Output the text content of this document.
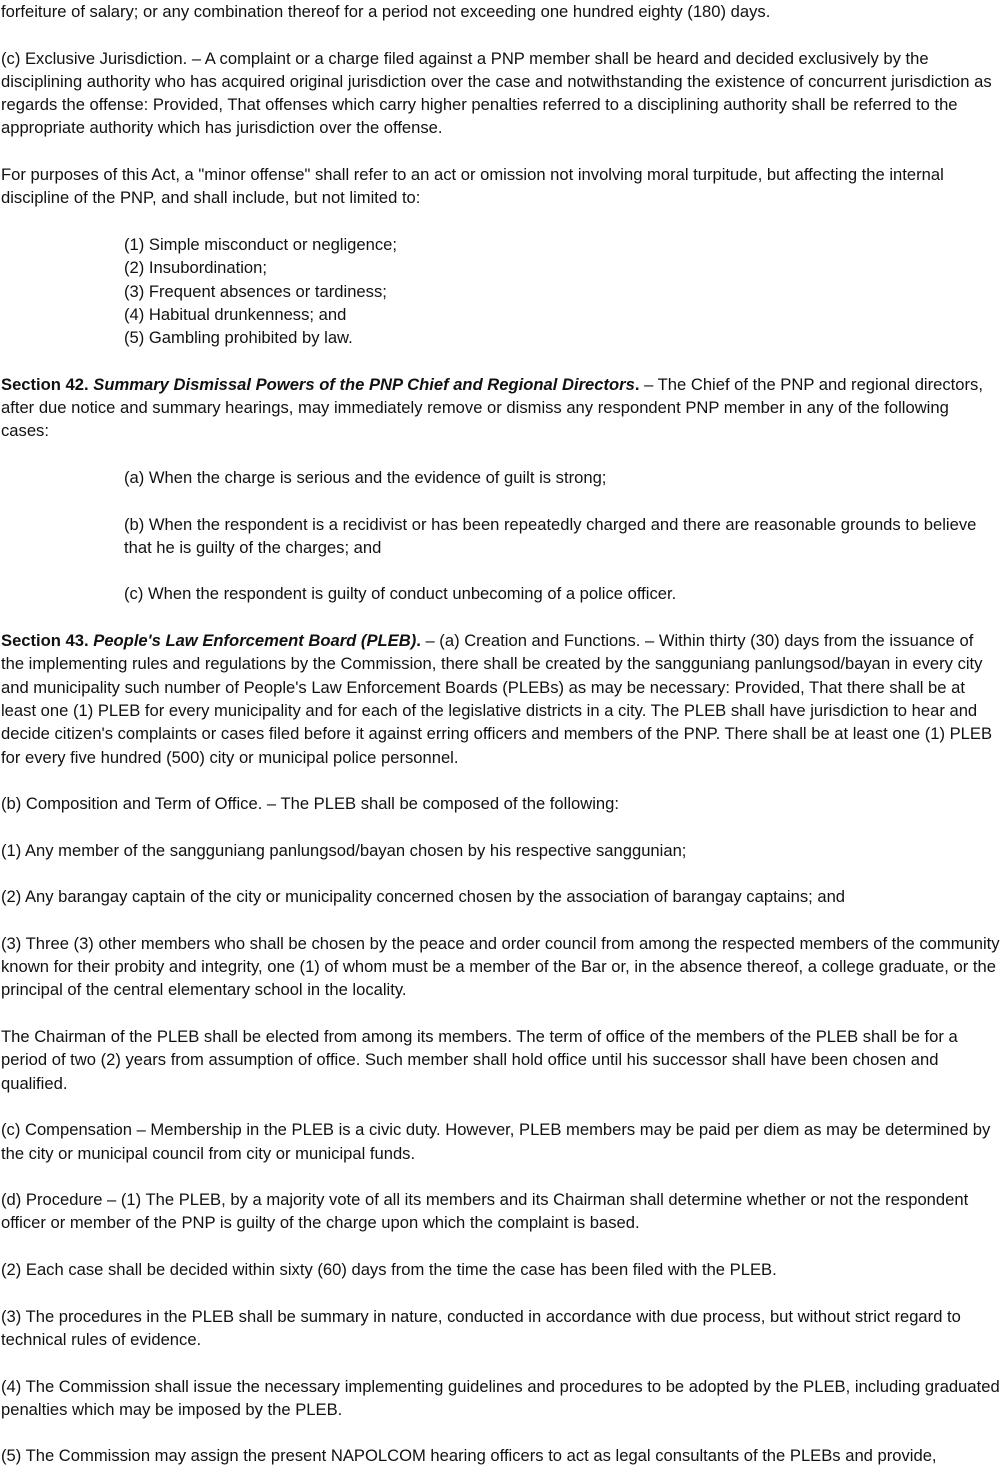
forfeiture of salary; or any combination thereof for a period not exceeding one hundred eighty (180) days.

(c) Exclusive Jurisdiction. – A complaint or a charge filed against a PNP member shall be heard and decided exclusively by the disciplining authority who has acquired original jurisdiction over the case and notwithstanding the existence of concurrent jurisdiction as regards the offense: Provided, That offenses which carry higher penalties referred to a disciplining authority shall be referred to the appropriate authority which has jurisdiction over the offense.

For purposes of this Act, a "minor offense" shall refer to an act or omission not involving moral turpitude, but affecting the internal discipline of the PNP, and shall include, but not limited to:

(1) Simple misconduct or negligence;
(2) Insubordination;
(3) Frequent absences or tardiness;
(4) Habitual drunkenness; and
(5) Gambling prohibited by law.

Section 42. Summary Dismissal Powers of the PNP Chief and Regional Directors. – The Chief of the PNP and regional directors, after due notice and summary hearings, may immediately remove or dismiss any respondent PNP member in any of the following cases:

(a) When the charge is serious and the evidence of guilt is strong;
(b) When the respondent is a recidivist or has been repeatedly charged and there are reasonable grounds to believe that he is guilty of the charges; and
(c) When the respondent is guilty of conduct unbecoming of a police officer.

Section 43. People's Law Enforcement Board (PLEB). – (a) Creation and Functions. – Within thirty (30) days from the issuance of the implementing rules and regulations by the Commission, there shall be created by the sangguniang panlungsod/bayan in every city and municipality such number of People's Law Enforcement Boards (PLEBs) as may be necessary: Provided, That there shall be at least one (1) PLEB for every municipality and for each of the legislative districts in a city. The PLEB shall have jurisdiction to hear and decide citizen's complaints or cases filed before it against erring officers and members of the PNP. There shall be at least one (1) PLEB for every five hundred (500) city or municipal police personnel.

(b) Composition and Term of Office. – The PLEB shall be composed of the following:

(1) Any member of the sangguniang panlungsod/bayan chosen by his respective sanggunian;

(2) Any barangay captain of the city or municipality concerned chosen by the association of barangay captains; and

(3) Three (3) other members who shall be chosen by the peace and order council from among the respected members of the community known for their probity and integrity, one (1) of whom must be a member of the Bar or, in the absence thereof, a college graduate, or the principal of the central elementary school in the locality.

The Chairman of the PLEB shall be elected from among its members. The term of office of the members of the PLEB shall be for a period of two (2) years from assumption of office. Such member shall hold office until his successor shall have been chosen and qualified.

(c) Compensation – Membership in the PLEB is a civic duty. However, PLEB members may be paid per diem as may be determined by the city or municipal council from city or municipal funds.

(d) Procedure – (1) The PLEB, by a majority vote of all its members and its Chairman shall determine whether or not the respondent officer or member of the PNP is guilty of the charge upon which the complaint is based.

(2) Each case shall be decided within sixty (60) days from the time the case has been filed with the PLEB.

(3) The procedures in the PLEB shall be summary in nature, conducted in accordance with due process, but without strict regard to technical rules of evidence.

(4) The Commission shall issue the necessary implementing guidelines and procedures to be adopted by the PLEB, including graduated penalties which may be imposed by the PLEB.

(5) The Commission may assign the present NAPOLCOM hearing officers to act as legal consultants of the PLEBs and provide,
